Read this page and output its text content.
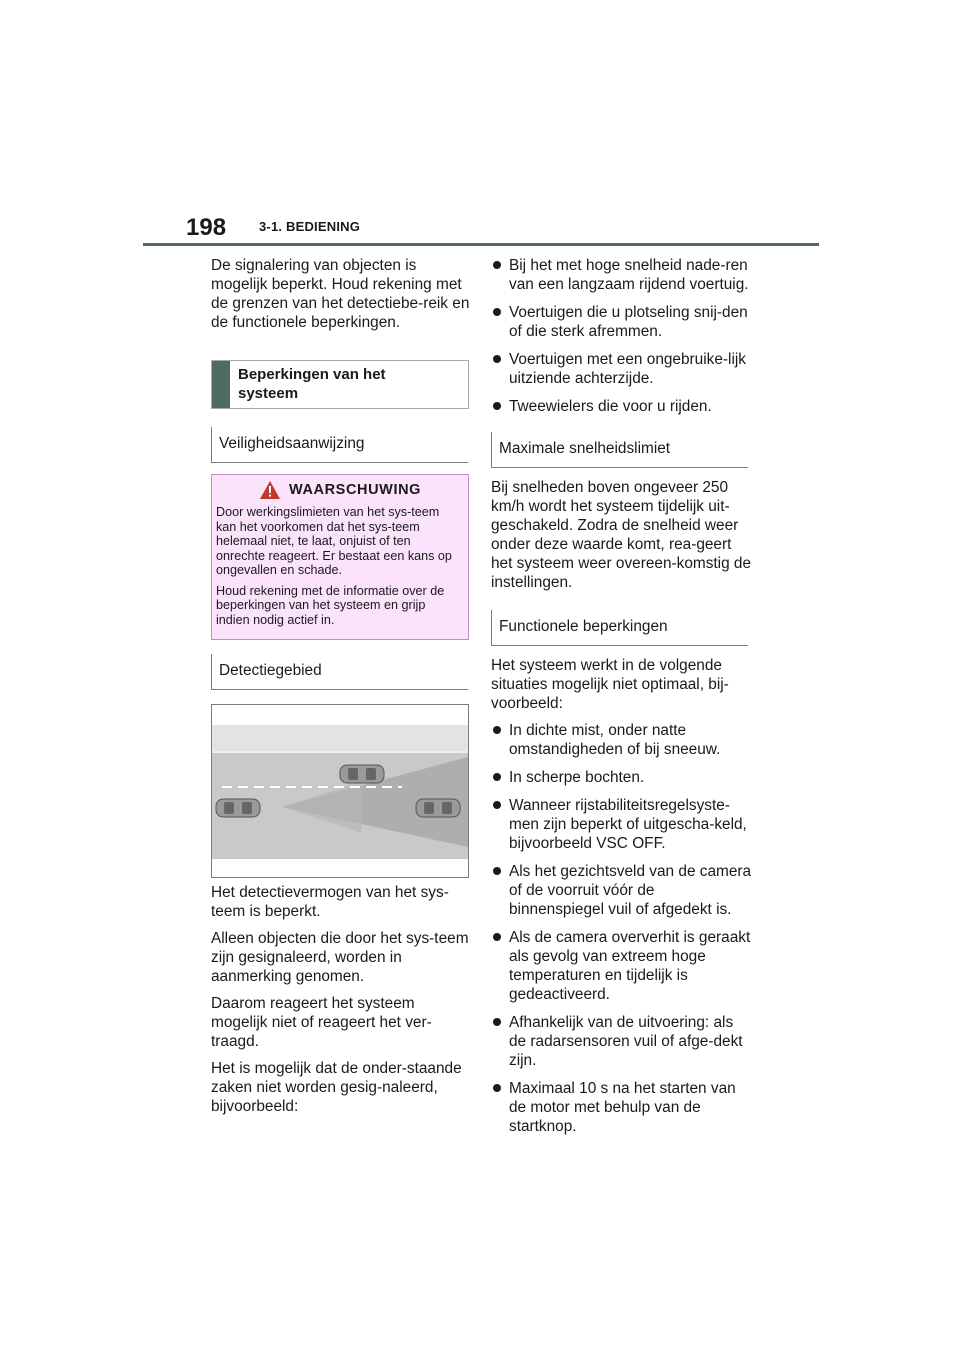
198	3-1. BEDIENING

De signalering van objecten is mogelijk beperkt. Houd rekening met de grenzen van het detectiebe-reik en de functionele beperkingen.

Beperkingen van het
systeem
Veiligheidsaanwijzing
WAARSCHUWING

Door werkingslimieten van het sys-teem kan het voorkomen dat het sys-teem helemaal niet, te laat, onjuist of ten onrechte reageert. Er bestaat een kans op ongevallen en schade.

Houd rekening met de informatie over de beperkingen van het systeem en grijp indien nodig actief in.

Detectiegebied

Het detectievermogen van het sys-teem is beperkt.

Alleen objecten die door het sys-teem zijn gesignaleerd, worden in aanmerking genomen.

Daarom reageert het systeem mogelijk niet of reageert het ver-traagd.

Het is mogelijk dat de onder-staande zaken niet worden gesig-naleerd, bijvoorbeeld:

Bij het met hoge snelheid nade-ren van een langzaam rijdend voertuig.
Voertuigen die u plotseling snij-den of die sterk afremmen.
Voertuigen met een ongebruike-lijk uitziende achterzijde.
Tweewielers die voor u rijden.
Maximale snelheidslimiet

Bij snelheden boven ongeveer 250 km/h wordt het systeem tijdelijk uit-geschakeld. Zodra de snelheid weer onder deze waarde komt, rea-geert het systeem weer overeen-komstig de instellingen.

Functionele beperkingen

Het systeem werkt in de volgende situaties mogelijk niet optimaal, bij-voorbeeld:

In dichte mist, onder natte omstandigheden of bij sneeuw.
In scherpe bochten.
Wanneer rijstabiliteitsregelsyste-men zijn beperkt of uitgescha-keld, bijvoorbeeld VSC OFF.
Als het gezichtsveld van de camera of de voorruit vóór de binnenspiegel vuil of afgedekt is.
Als de camera oververhit is geraakt als gevolg van extreem hoge temperaturen en tijdelijk is gedeactiveerd.
Afhankelijk van de uitvoering: als de radarsensoren vuil of afge-dekt zijn.
Maximaal 10 s na het starten van de motor met behulp van de startknop.
